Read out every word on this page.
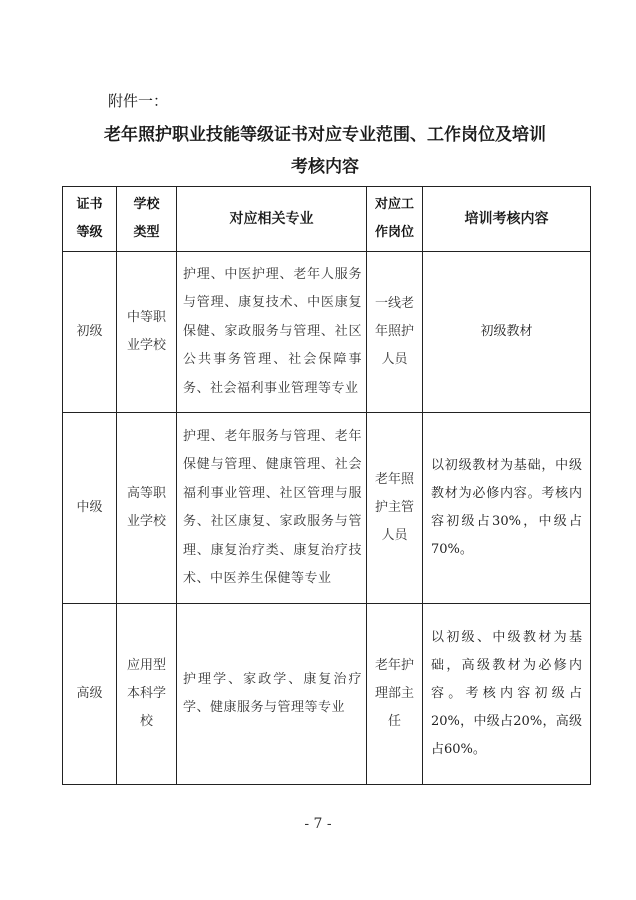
附件一：
老年照护职业技能等级证书对应专业范围、工作岗位及培训
考核内容
证书等级	学校类型	对应相关专业	对应工作岗位	培训考核内容

初级	中等职业学校	护理、中医护理、老年人服务与管理、康复技术、中医康复保健、家政服务与管理、社区公共事务管理、社会保障事务、社会福利事业管理等专业	一线老年照护人员	初级教材

中级	高等职业学校	护理、老年服务与管理、老年保健与管理、健康管理、社会福利事业管理、社区管理与服务、社区康复、家政服务与管理、康复治疗类、康复治疗技术、中医养生保健等专业	老年照护主管人员	以初级教材为基础，中级教材为必修内容。考核内容初级占30%，中级占70%。

高级	应用型本科学校	护理学、家政学、康复治疗学、健康服务与管理等专业	老年护理部主任	以初级、中级教材为基础，高级教材为必修内容。考核内容初级占20%，中级占20%，高级占60%。
- 7 -
